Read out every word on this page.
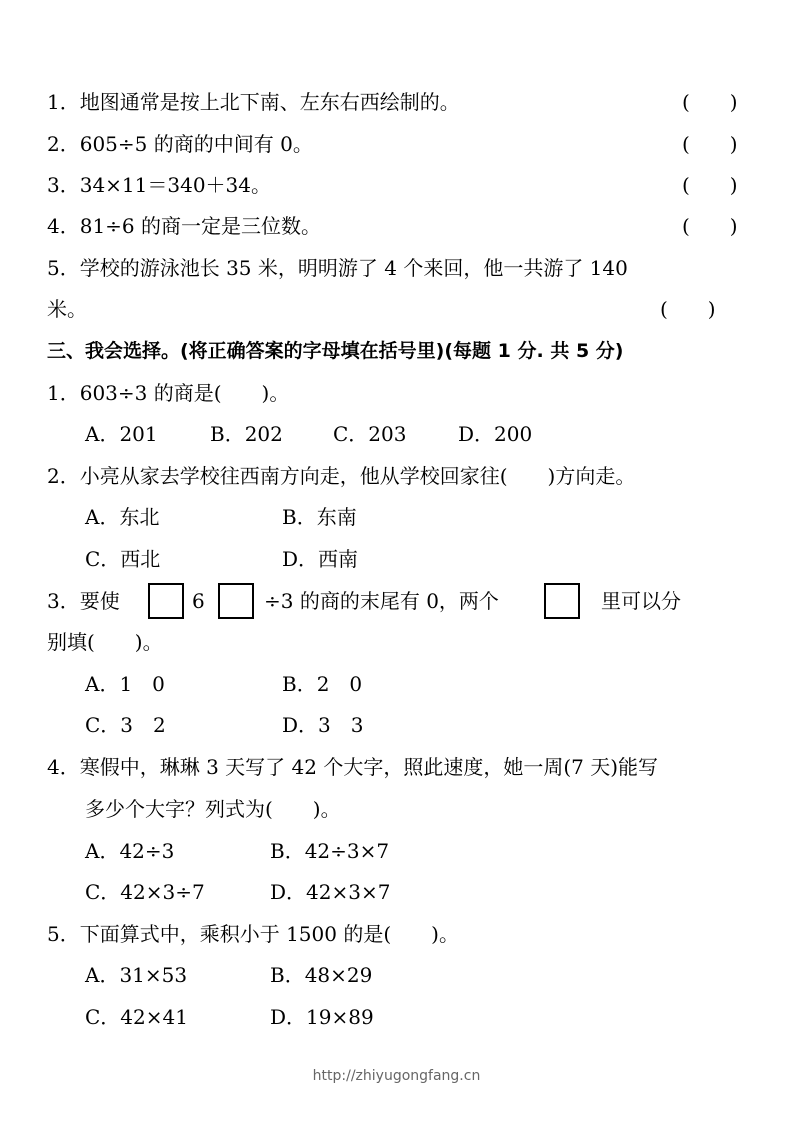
1．地图通常是按上北下南、左东右西绘制的。	(　　)
2．605÷5 的商的中间有 0。	(　　)
3．34×11＝340＋34。	(　　)
4．81÷6 的商一定是三位数。	(　　)
5．学校的游泳池长 35 米，明明游了 4 个来回，他一共游了 140
米。	(　　)
三、我会选择。(将正确答案的字母填在括号里)(每题 1 分. 共 5 分)
1．603÷3 的商是(　　)。
A．201	B．202	C．203	D．200
2．小亮从家去学校往西南方向走，他从学校回家往(　　)方向走。
A．东北	B．东南
C．西北	D．西南
3．要使	6	÷3 的商的末尾有 0，两个	里可以分
别填(　　)。
A．1　0	B．2　0
C．3　2	D．3　3
4．寒假中，琳琳 3 天写了 42 个大字，照此速度，她一周(7 天)能写
多少个大字？列式为(　　)。
A．42÷3	B．42÷3×7
C．42×3÷7	D．42×3×7
5．下面算式中，乘积小于 1500 的是(　　)。
A．31×53	B．48×29
C．42×41	D．19×89
http://zhiyugongfang.cn
